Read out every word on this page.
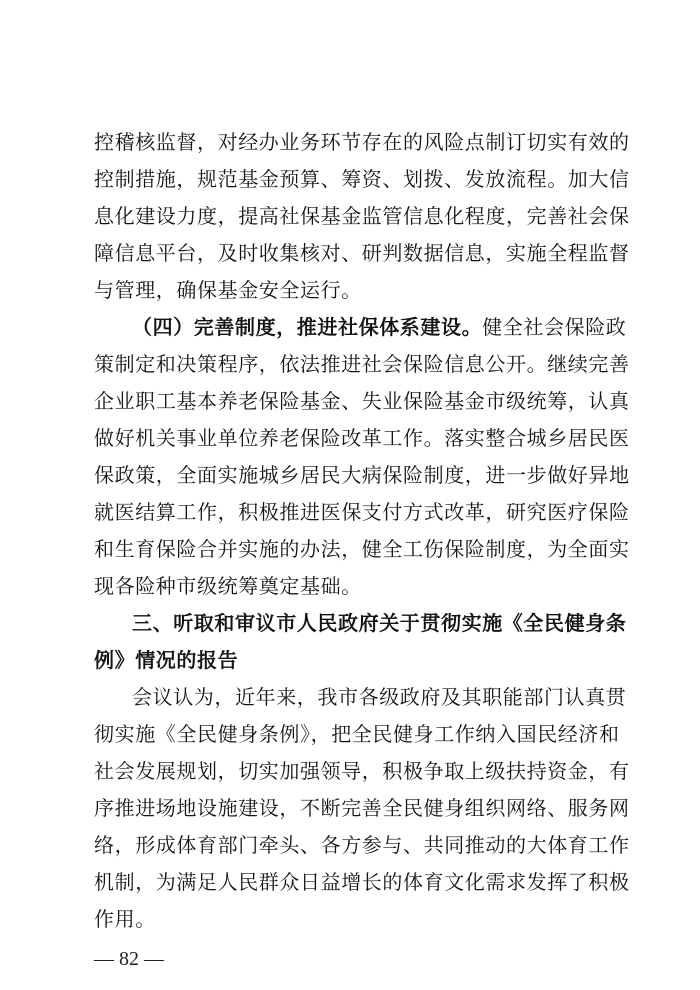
控稽核监督，对经办业务环节存在的风险点制订切实有效的
控制措施，规范基金预算、筹资、划拨、发放流程。加大信
息化建设力度，提高社保基金监管信息化程度，完善社会保
障信息平台，及时收集核对、研判数据信息，实施全程监督
与管理，确保基金安全运行。
（四）完善制度，推进社保体系建设。健全社会保险政
策制定和决策程序，依法推进社会保险信息公开。继续完善
企业职工基本养老保险基金、失业保险基金市级统筹，认真
做好机关事业单位养老保险改革工作。落实整合城乡居民医
保政策，全面实施城乡居民大病保险制度，进一步做好异地
就医结算工作，积极推进医保支付方式改革，研究医疗保险
和生育保险合并实施的办法，健全工伤保险制度，为全面实
现各险种市级统筹奠定基础。
三、听取和审议市人民政府关于贯彻实施《全民健身条
例》情况的报告
会议认为，近年来，我市各级政府及其职能部门认真贯
彻实施《全民健身条例》，把全民健身工作纳入国民经济和
社会发展规划，切实加强领导，积极争取上级扶持资金，有
序推进场地设施建设，不断完善全民健身组织网络、服务网
络，形成体育部门牵头、各方参与、共同推动的大体育工作
机制，为满足人民群众日益增长的体育文化需求发挥了积极
作用。
— 82 —
